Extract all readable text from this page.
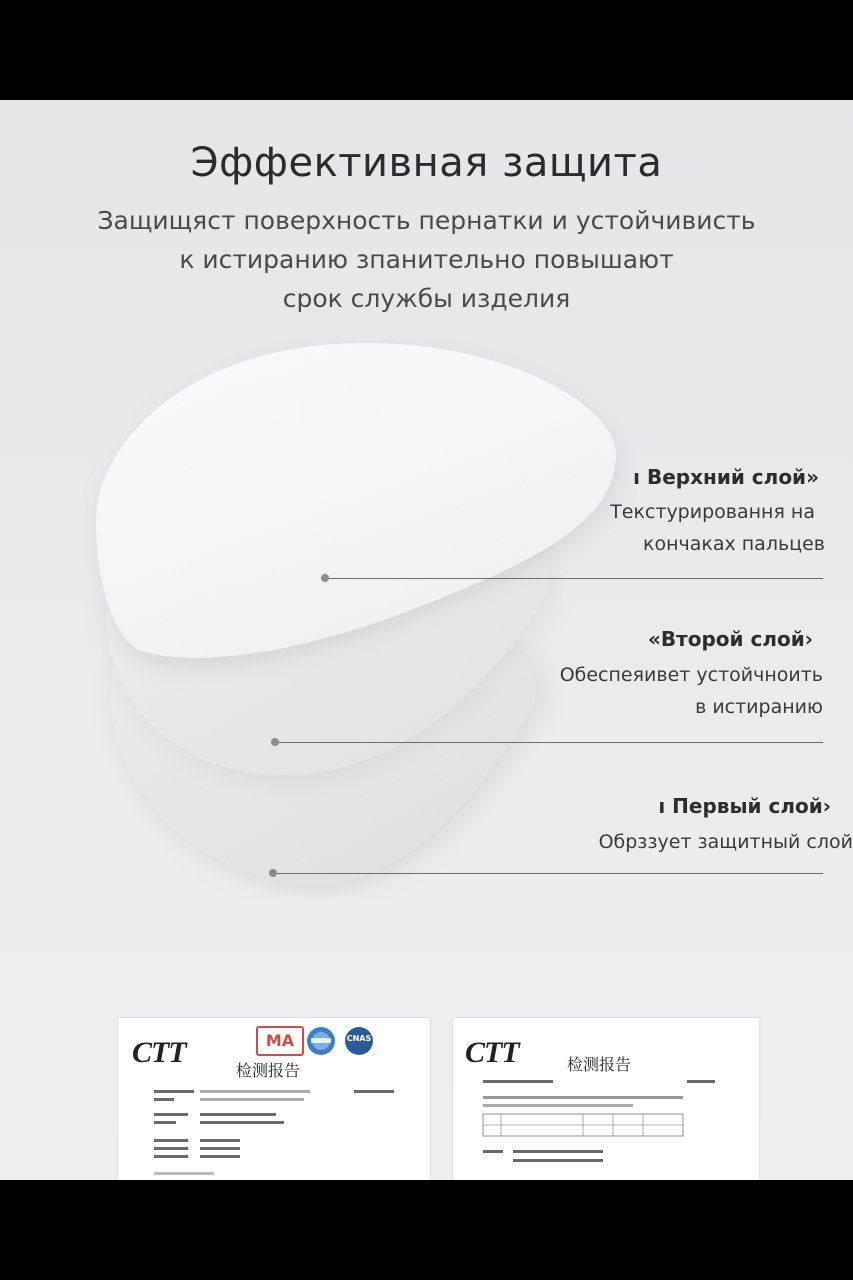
Эффективная защита
Защищяст поверхность пернатки и устойчивисть
к истиранию зпанительно повышают
срок службы изделия
ı Верхний слой»
Текстурировання на
кончаках пальцев
«Второй слой›
Обеспеяивет устойчноить
в истиранию
ı Первый слой›
Обрззует защитный слой
CTT	MA	CNAS
检测报告
CTT	检测报告
